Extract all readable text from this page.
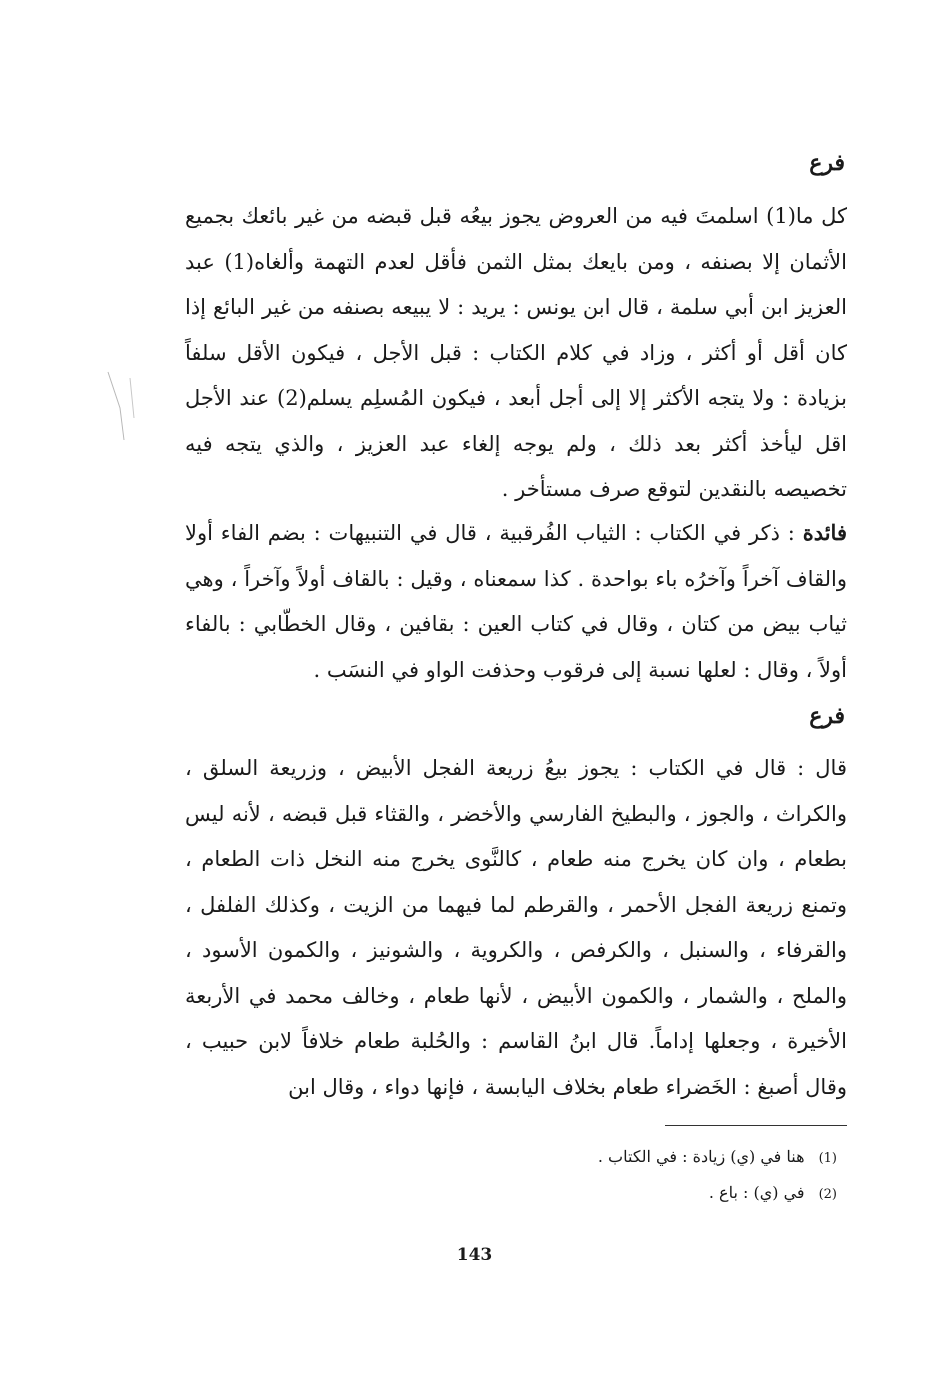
فرع

كل ما(1) اسلمتَ فيه من العروض يجوز بيعُه قبل قبضه من غير بائعك بجميع الأثمان إلا بصنفه ، ومن بايعك بمثل الثمن فأقل لعدم التهمة وألغاه(1) عبد العزيز ابن أبي سلمة ، قال ابن يونس : يريد : لا يبيعه بصنفه من غير البائع إذا كان أقل أو أكثر ، وزاد في كلام الكتاب : قبل الأجل ، فيكون الأقل سلفاً بزيادة : ولا يتجه الأكثر إلا إلى أجل أبعد ، فيكون المُسلِم يسلم(2) عند الأجل اقل ليأخذ أكثر بعد ذلك ، ولم يوجه إلغاء عبد العزيز ، والذي يتجه فيه تخصيصه بالنقدين لتوقع صرف مستأخر .

فائدة : ذكر في الكتاب : الثياب الفُرقبية ، قال في التنبيهات : بضم الفاء أولا والقاف آخراً وآخرُه باء بواحدة . كذا سمعناه ، وقيل : بالقاف أولاً وآخراً ، وهي ثياب بيض من كتان ، وقال في كتاب العين : بقافين ، وقال الخطّابي : بالفاء أولاً ، وقال : لعلها نسبة إلى فرقوب وحذفت الواو في النسَب .

فرع

قال : قال في الكتاب : يجوز بيعُ زريعة الفجل الأبيض ، وزريعة السلق ، والكراث ، والجوز ، والبطيخ الفارسي والأخضر ، والقثاء قبل قبضه ، لأنه ليس بطعام ، وان كان يخرج منه طعام ، كالنَّوى يخرج منه النخل ذات الطعام ، وتمنع زريعة الفجل الأحمر ، والقرطم لما فيهما من الزيت ، وكذلك الفلفل ، والقرفاء ، والسنبل ، والكرفص ، والكروية ، والشونيز ، والكمون الأسود ، والملح ، والشمار ، والكمون الأبيض ، لأنها طعام ، وخالف محمد في الأربعة الأخيرة ، وجعلها إداماً. قال ابنُ القاسم : والحُلبة طعام خلافاً لابن حبيب ، وقال أصبغ : الخَضراء طعام بخلاف اليابسة ، فإنها دواء ، وقال ابن

(1)هنا في (ي) زيادة : في الكتاب .
(2)في (ي) : باع .
143
